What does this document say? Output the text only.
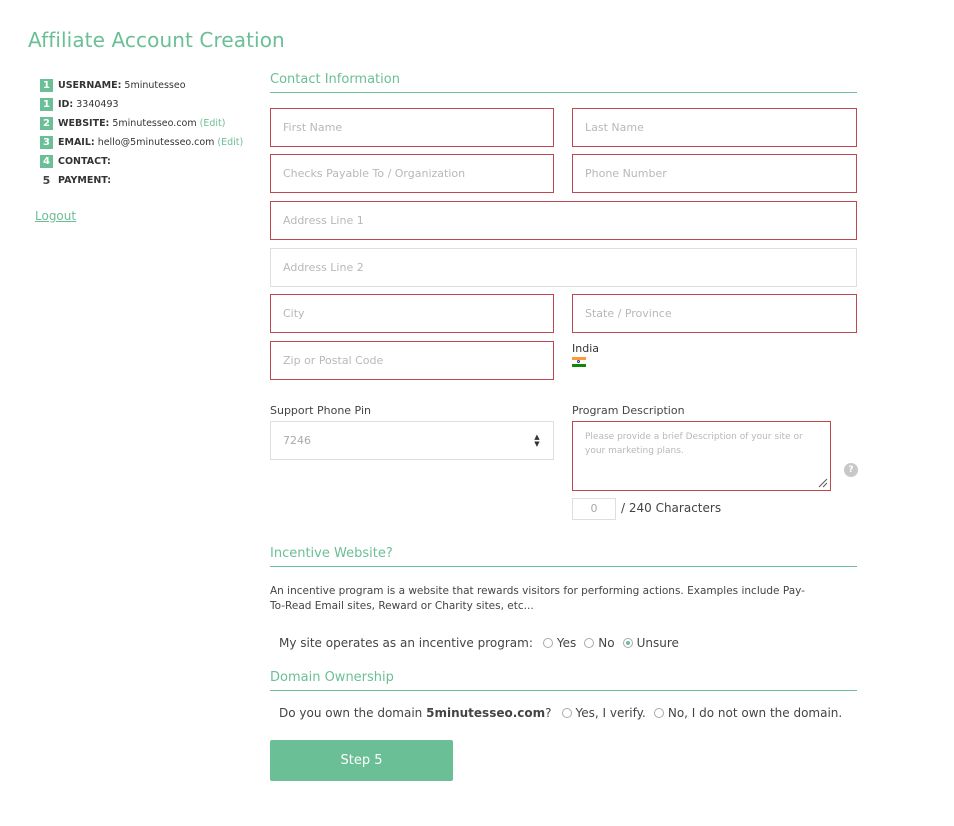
Affiliate Account Creation
1 USERNAME: 5minutesseo
1 ID: 3340493
2 WEBSITE: 5minutesseo.com (Edit)
3 EMAIL: hello@5minutesseo.com (Edit)
4 CONTACT:
5 PAYMENT:
Logout
Contact Information
First Name	Last Name
Checks Payable To / Organization	Phone Number
Address Line 1
Address Line 2
City	State / Province
Zip or Postal Code
India
Support Phone Pin
7246	▲
▼
Program Description
Please provide a brief Description of your site or your marketing plans.
?
0	/ 240 Characters
Incentive Website?
An incentive program is a website that rewards visitors for performing actions. Examples include Pay-To-Read Email sites, Reward or Charity sites, etc...
My site operates as an incentive program: Yes No Unsure
Domain Ownership
Do you own the domain
5minutesseo.com ? Yes, I verify. No, I do not own the domain.
Step 5
